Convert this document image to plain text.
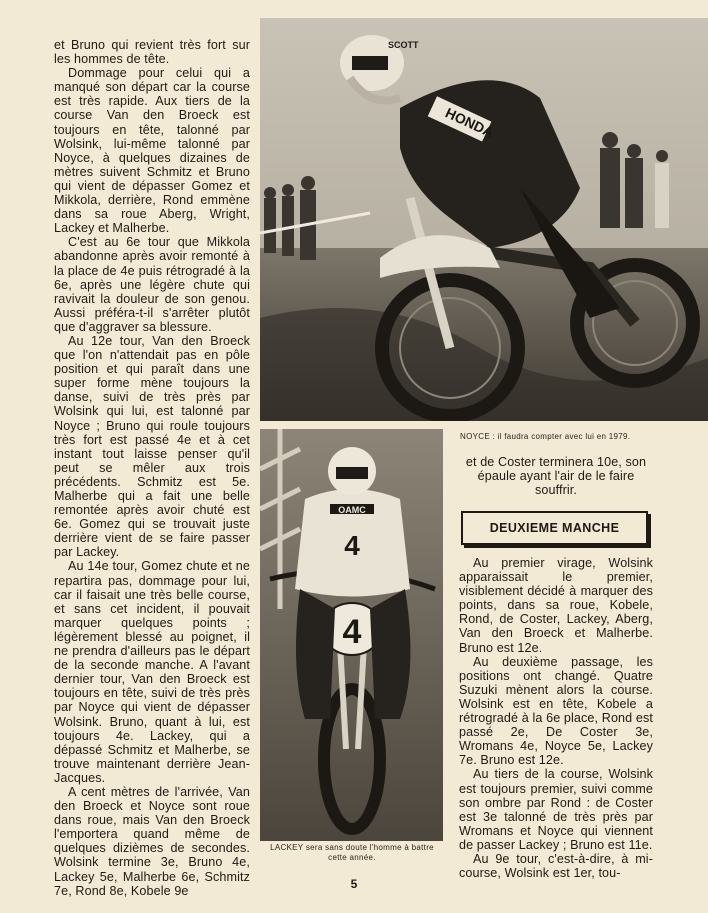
et Bruno qui revient très fort sur les hommes de tête.

Dommage pour celui qui a manqué son départ car la course est très rapide. Aux tiers de la course Van den Broeck est toujours en tête, talonné par Wolsink, lui-même talonné par Noyce, à quelques dizaines de mètres suivent Schmitz et Bruno qui vient de dépasser Gomez et Mikkola, derrière, Rond emmène dans sa roue Aberg, Wright, Lackey et Malherbe.

C'est au 6e tour que Mikkola abandonne après avoir remonté à la place de 4e puis rétrogradé à la 6e, après une légère chute qui ravivait la douleur de son genou. Aussi préféra-t-il s'arrêter plutôt que d'aggraver sa blessure.

Au 12e tour, Van den Broeck que l'on n'attendait pas en pôle position et qui paraît dans une super forme mène toujours la danse, suivi de très près par Wolsink qui lui, est talonné par Noyce ; Bruno qui roule toujours très fort est passé 4e et à cet instant tout laisse penser qu'il peut se mêler aux trois précédents. Schmitz est 5e. Malherbe qui a fait une belle remontée après avoir chuté est 6e. Gomez qui se trouvait juste derrière vient de se faire passer par Lackey.

Au 14e tour, Gomez chute et ne repartira pas, dommage pour lui, car il faisait une très belle course, et sans cet incident, il pouvait marquer quelques points ; légèrement blessé au poignet, il ne prendra d'ailleurs pas le départ de la seconde manche. A l'avant dernier tour, Van den Broeck est toujours en tête, suivi de très près par Noyce qui vient de dépasser Wolsink. Bruno, quant à lui, est toujours 4e. Lackey, qui a dépassé Schmitz et Malherbe, se trouve maintenant derrière Jean-Jacques.

A cent mètres de l'arrivée, Van den Broeck et Noyce sont roue dans roue, mais Van den Broeck l'emportera quand même de quelques dizièmes de secondes. Wolsink termine 3e, Bruno 4e, Lackey 5e, Malherbe 6e, Schmitz 7e, Rond 8e, Kobele 9e

HONDA
SCOTT
NOYCE : il faudra compter avec lui en 1979.
4
OAMC
4
LACKEY sera sans doute l'homme à battre cette année.

et de Coster terminera 10e, son épaule ayant l'air de le faire souffrir.

DEUXIEME MANCHE

Au premier virage, Wolsink apparaissait le premier, visiblement décidé à marquer des points, dans sa roue, Kobele, Rond, de Coster, Lackey, Aberg, Van den Broeck et Malherbe. Bruno est 12e.

Au deuxième passage, les positions ont changé. Quatre Suzuki mènent alors la course. Wolsink est en tête, Kobele a rétrogradé à la 6e place, Rond est passé 2e, De Coster 3e, Wromans 4e, Noyce 5e, Lackey 7e. Bruno est 12e.

Au tiers de la course, Wolsink est toujours premier, suivi comme son ombre par Rond : de Coster est 3e talonné de très près par Wromans et Noyce qui viennent de passer Lackey ; Bruno est 11e.

Au 9e tour, c'est-à-dire, à mi-course, Wolsink est 1er, tou-

5
